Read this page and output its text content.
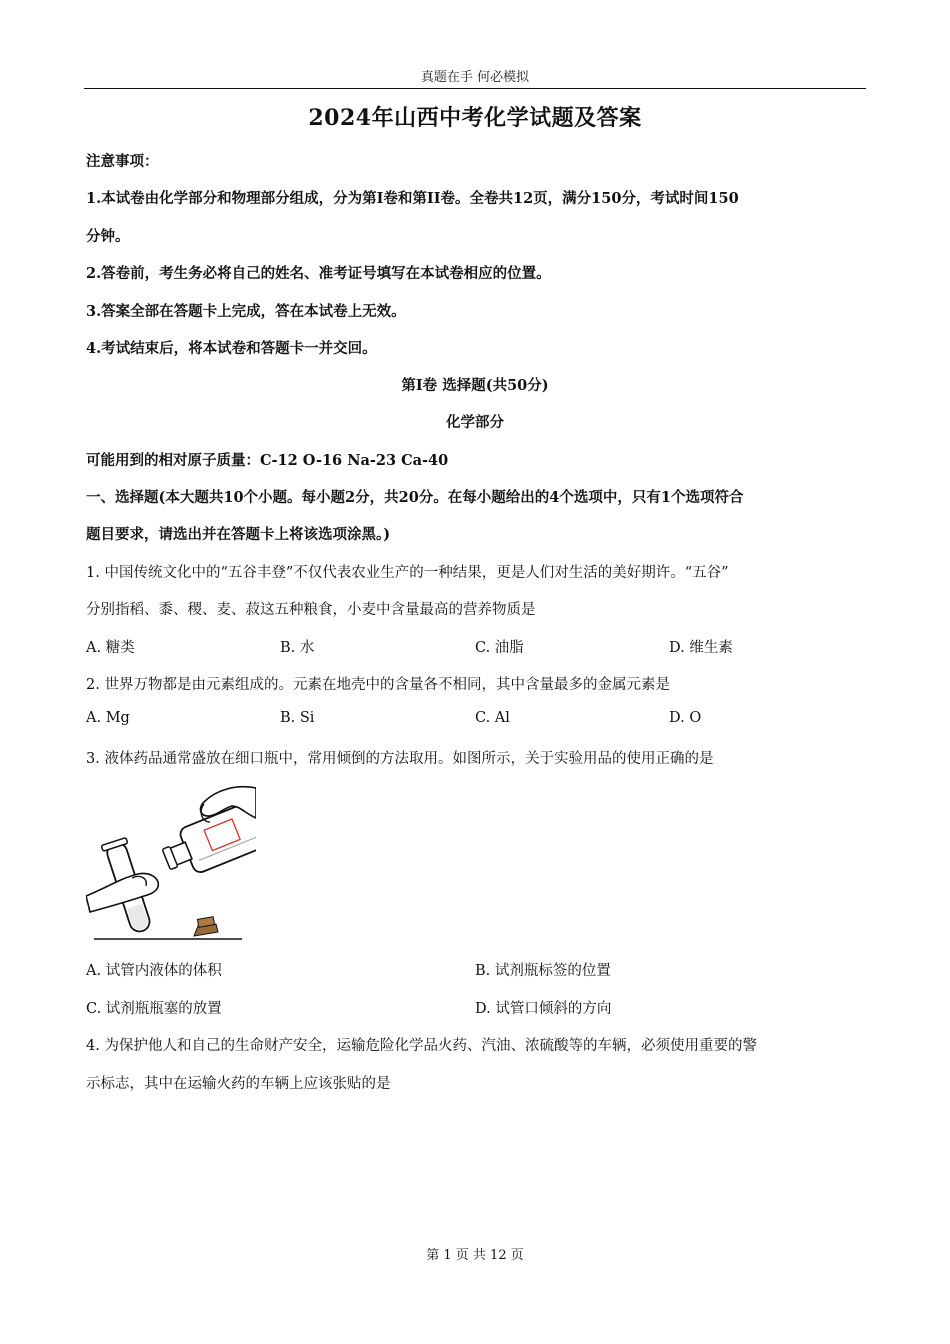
真题在手 何必模拟
2024年山西中考化学试题及答案
注意事项：
1.本试卷由化学部分和物理部分组成，分为第Ⅰ卷和第II卷。全卷共12页，满分150分，考试时间150
分钟。
2.答卷前，考生务必将自己的姓名、准考证号填写在本试卷相应的位置。
3.答案全部在答题卡上完成，答在本试卷上无效。
4.考试结束后，将本试卷和答题卡一并交回。
第Ⅰ卷 选择题(共50分)
化学部分
可能用到的相对原子质量：C-12 O-16 Na-23 Ca-40
一、选择题(本大题共10个小题。每小题2分，共20分。在每小题给出的4个选项中，只有1个选项符合
题目要求，请选出并在答题卡上将该选项涂黑。)
1. 中国传统文化中的“五谷丰登”不仅代表农业生产的一种结果，更是人们对生活的美好期许。“五谷”
分别指稻、黍、稷、麦、菽这五种粮食，小麦中含量最高的营养物质是
A. 糖类	B. 水	C. 油脂	D. 维生素
2. 世界万物都是由元素组成的。元素在地壳中的含量各不相同，其中含量最多的金属元素是
A. Mg	B. Si	C. Al	D. O
3. 液体药品通常盛放在细口瓶中，常用倾倒的方法取用。如图所示，关于实验用品的使用正确的是
A. 试管内液体的体积	B. 试剂瓶标签的位置
C. 试剂瓶瓶塞的放置	D. 试管口倾斜的方向
4. 为保护他人和自己的生命财产安全，运输危险化学品火药、汽油、浓硫酸等的车辆，必须使用重要的警
示标志，其中在运输火药的车辆上应该张贴的是
第 1 页 共 12 页
